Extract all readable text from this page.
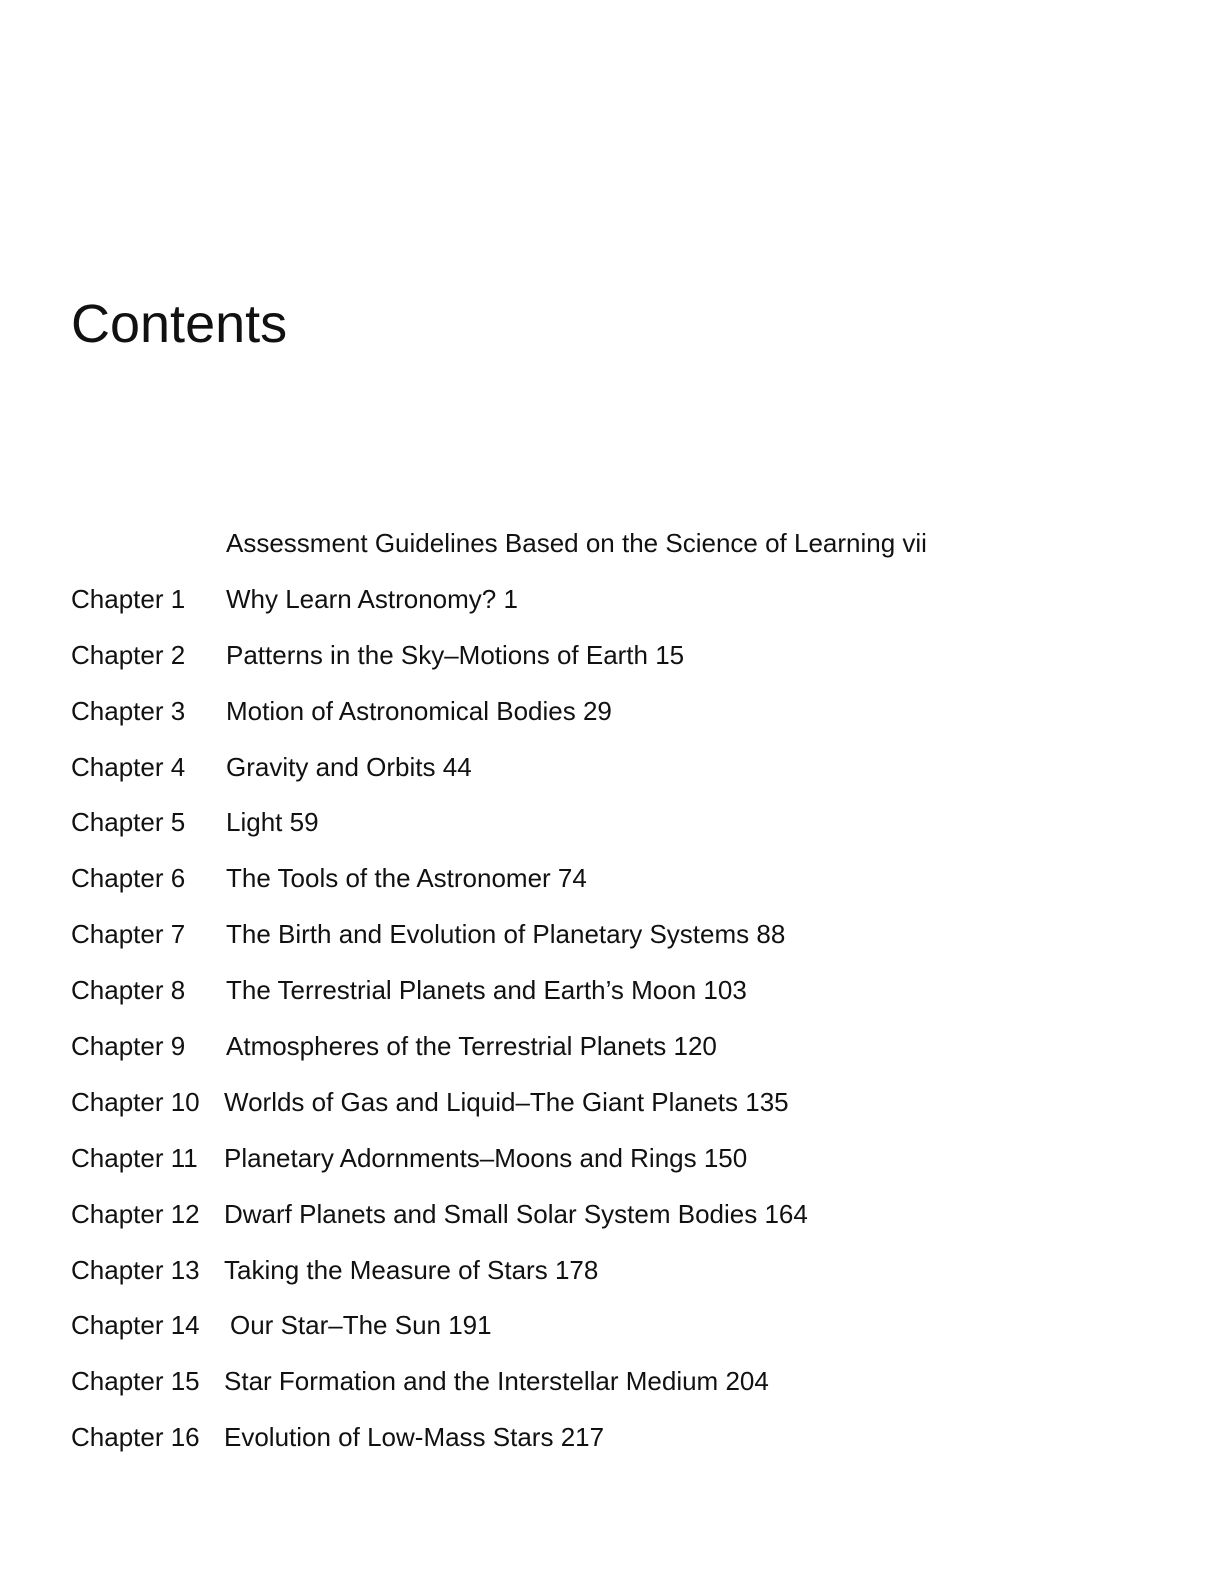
Contents
Assessment Guidelines Based on the Science of Learning vii
Chapter 1	Why Learn Astronomy? 1
Chapter 2	Patterns in the Sky–Motions of Earth 15
Chapter 3	Motion of Astronomical Bodies 29
Chapter 4	Gravity and Orbits 44
Chapter 5	Light 59
Chapter 6	The Tools of the Astronomer 74
Chapter 7	The Birth and Evolution of Planetary Systems 88
Chapter 8	The Terrestrial Planets and Earth’s Moon 103
Chapter 9	Atmospheres of the Terrestrial Planets 120
Chapter 10 Worlds of Gas and Liquid–The Giant Planets 135
Chapter 11	Planetary Adornments–Moons and Rings 150
Chapter 12 Dwarf Planets and Small Solar System Bodies 164
Chapter 13 Taking the Measure of Stars 178
Chapter 14	Our Star–The Sun 191
Chapter 15 Star Formation and the Interstellar Medium 204
Chapter 16 Evolution of Low-Mass Stars 217
